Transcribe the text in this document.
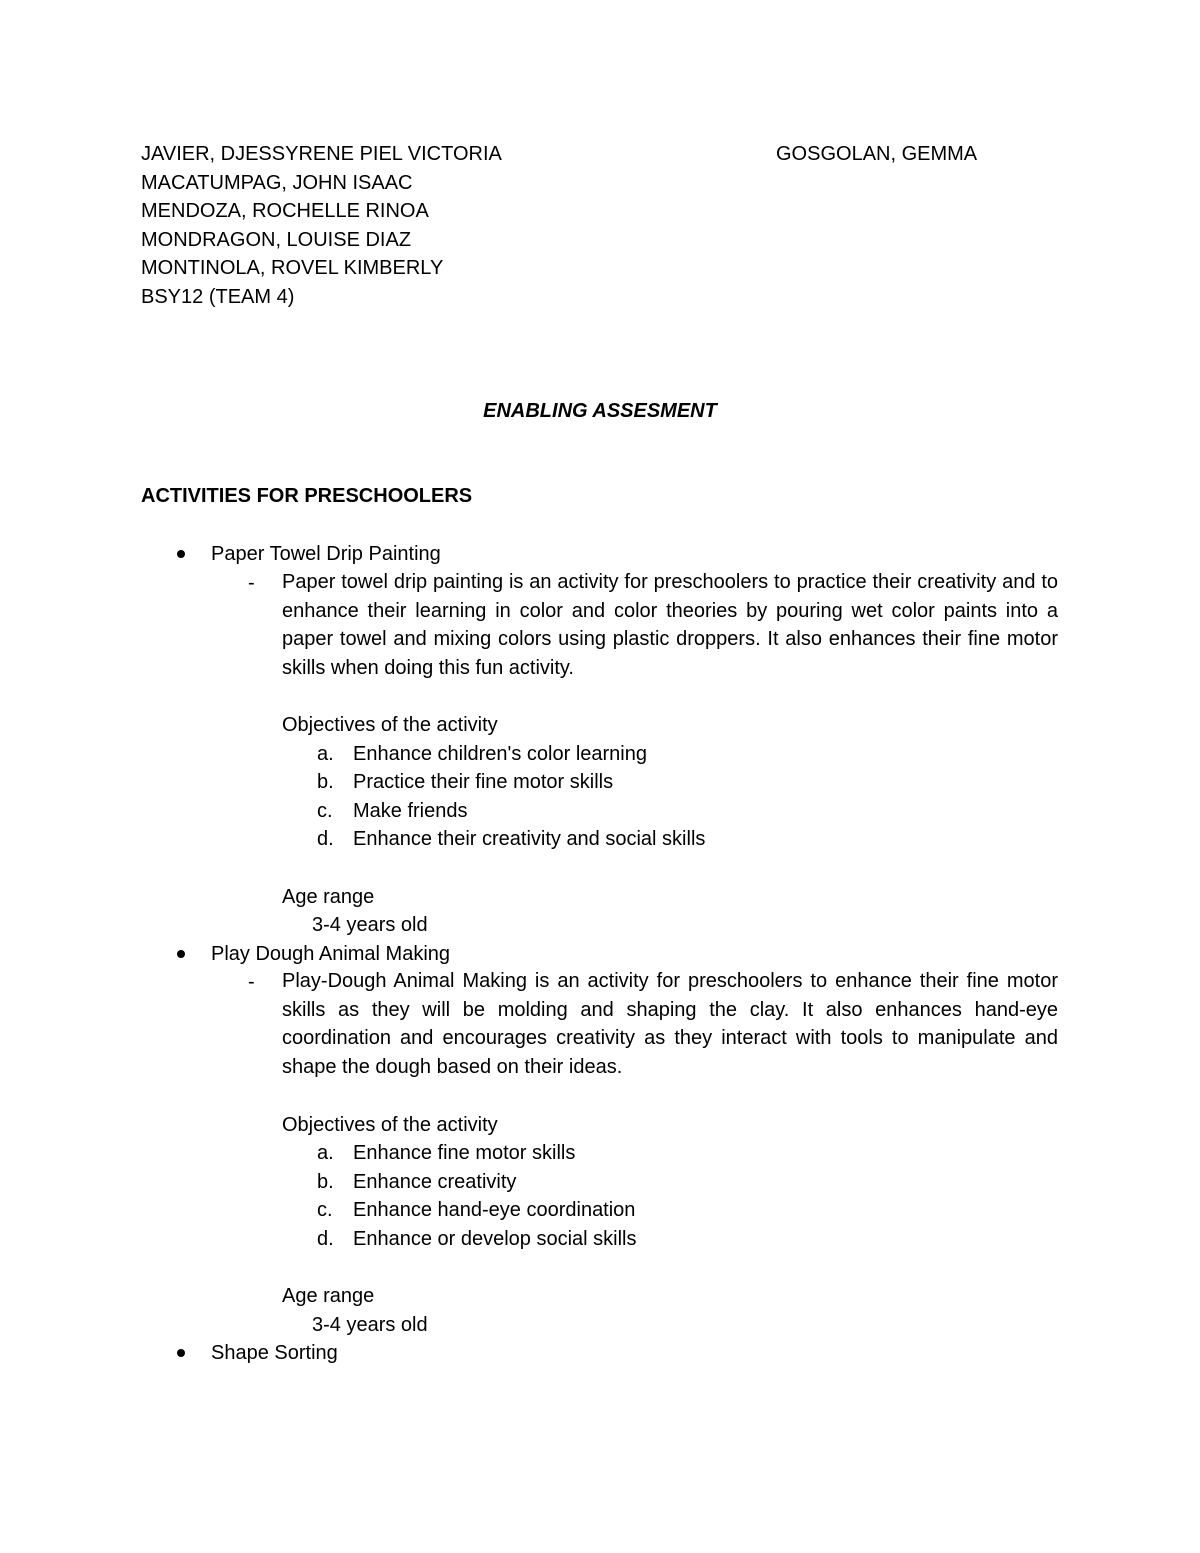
JAVIER, DJESSYRENE PIEL VICTORIA	GOSGOLAN, GEMMA
MACATUMPAG, JOHN ISAAC
MENDOZA, ROCHELLE RINOA
MONDRAGON, LOUISE DIAZ
MONTINOLA, ROVEL KIMBERLY
BSY12 (TEAM 4)
ENABLING ASSESMENT
ACTIVITIES FOR PRESCHOOLERS
Paper Towel Drip Painting
- Paper towel drip painting is an activity for preschoolers to practice their creativity and to enhance their learning in color and color theories by pouring wet color paints into a paper towel and mixing colors using plastic droppers. It also enhances their fine motor skills when doing this fun activity.
Objectives of the activity
a. Enhance children's color learning
b. Practice their fine motor skills
c. Make friends
d. Enhance their creativity and social skills
Age range
3-4 years old
Play Dough Animal Making
- Play-Dough Animal Making is an activity for preschoolers to enhance their fine motor skills as they will be molding and shaping the clay. It also enhances hand-eye coordination and encourages creativity as they interact with tools to manipulate and shape the dough based on their ideas.
Objectives of the activity
a. Enhance fine motor skills
b. Enhance creativity
c. Enhance hand-eye coordination
d. Enhance or develop social skills
Age range
3-4 years old
Shape Sorting
